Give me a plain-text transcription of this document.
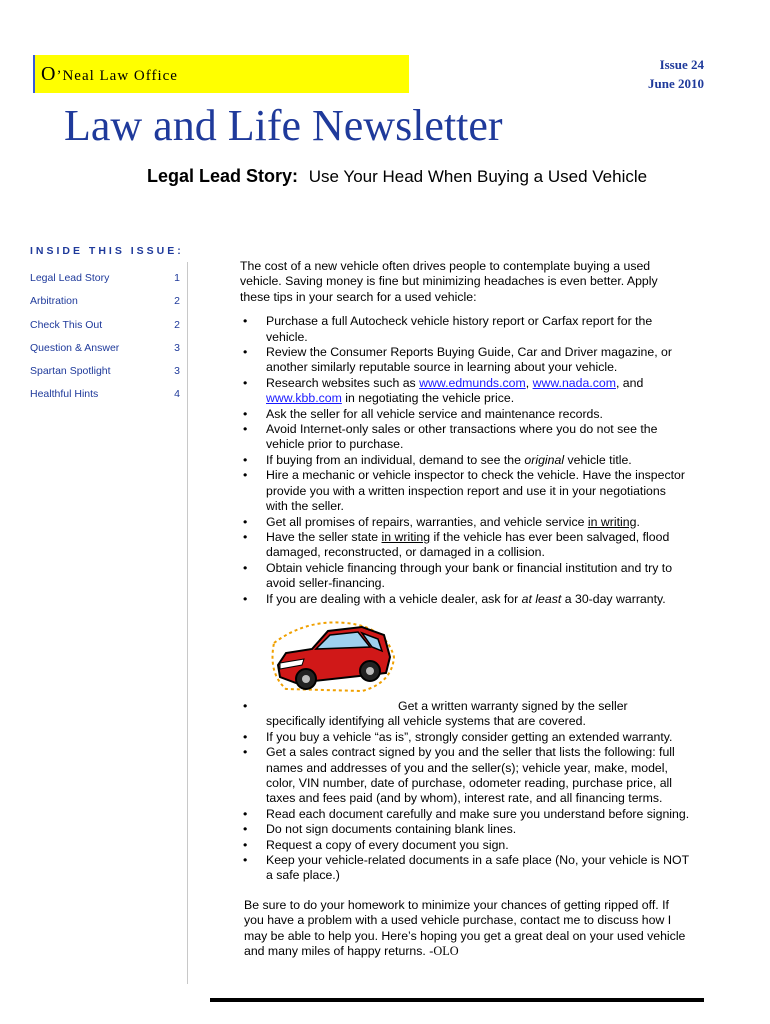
O’Neal Law Office
Issue 24
June 2010
Law and Life Newsletter
Legal Lead Story: Use Your Head When Buying a Used Vehicle
INSIDE THIS ISSUE:
Legal Lead Story	1
Arbitration	2
Check This Out	2
Question & Answer	3
Spartan Spotlight	3
Healthful Hints	4

The cost of a new vehicle often drives people to contemplate buying a used vehicle. Saving money is fine but minimizing headaches is even better. Apply these tips in your search for a used vehicle:

• Purchase a full Autocheck vehicle history report or Carfax report for the vehicle.
• Review the Consumer Reports Buying Guide, Car and Driver magazine, or another similarly reputable source in learning about your vehicle.
• Research websites such as www.edmunds.com, www.nada.com, and www.kbb.com in negotiating the vehicle price.
• Ask the seller for all vehicle service and maintenance records.
• Avoid Internet-only sales or other transactions where you do not see the vehicle prior to purchase.
• If buying from an individual, demand to see the original vehicle title.
• Hire a mechanic or vehicle inspector to check the vehicle. Have the inspector provide you with a written inspection report and use it in your negotiations with the seller.
• Get all promises of repairs, warranties, and vehicle service in writing.
• Have the seller state in writing if the vehicle has ever been salvaged, flood damaged, reconstructed, or damaged in a collision.
• Obtain vehicle financing through your bank or financial institution and try to avoid seller-financing.
• If you are dealing with a vehicle dealer, ask for at least a 30-day warranty.
• Get a written warranty signed by the seller specifically identifying all vehicle systems that are covered.
• If you buy a vehicle “as is”, strongly consider getting an extended warranty.
• Get a sales contract signed by you and the seller that lists the following: full names and addresses of you and the seller(s); vehicle year, make, model, color, VIN number, date of purchase, odometer reading, purchase price, all taxes and fees paid (and by whom), interest rate, and all financing terms.
• Read each document carefully and make sure you understand before signing.
• Do not sign documents containing blank lines.
• Request a copy of every document you sign.
• Keep your vehicle-related documents in a safe place (No, your vehicle is NOT a safe place.)

Be sure to do your homework to minimize your chances of getting ripped off. If you have a problem with a used vehicle purchase, contact me to discuss how I may be able to help you. Here’s hoping you get a great deal on your used vehicle and many miles of happy returns. -OLO
